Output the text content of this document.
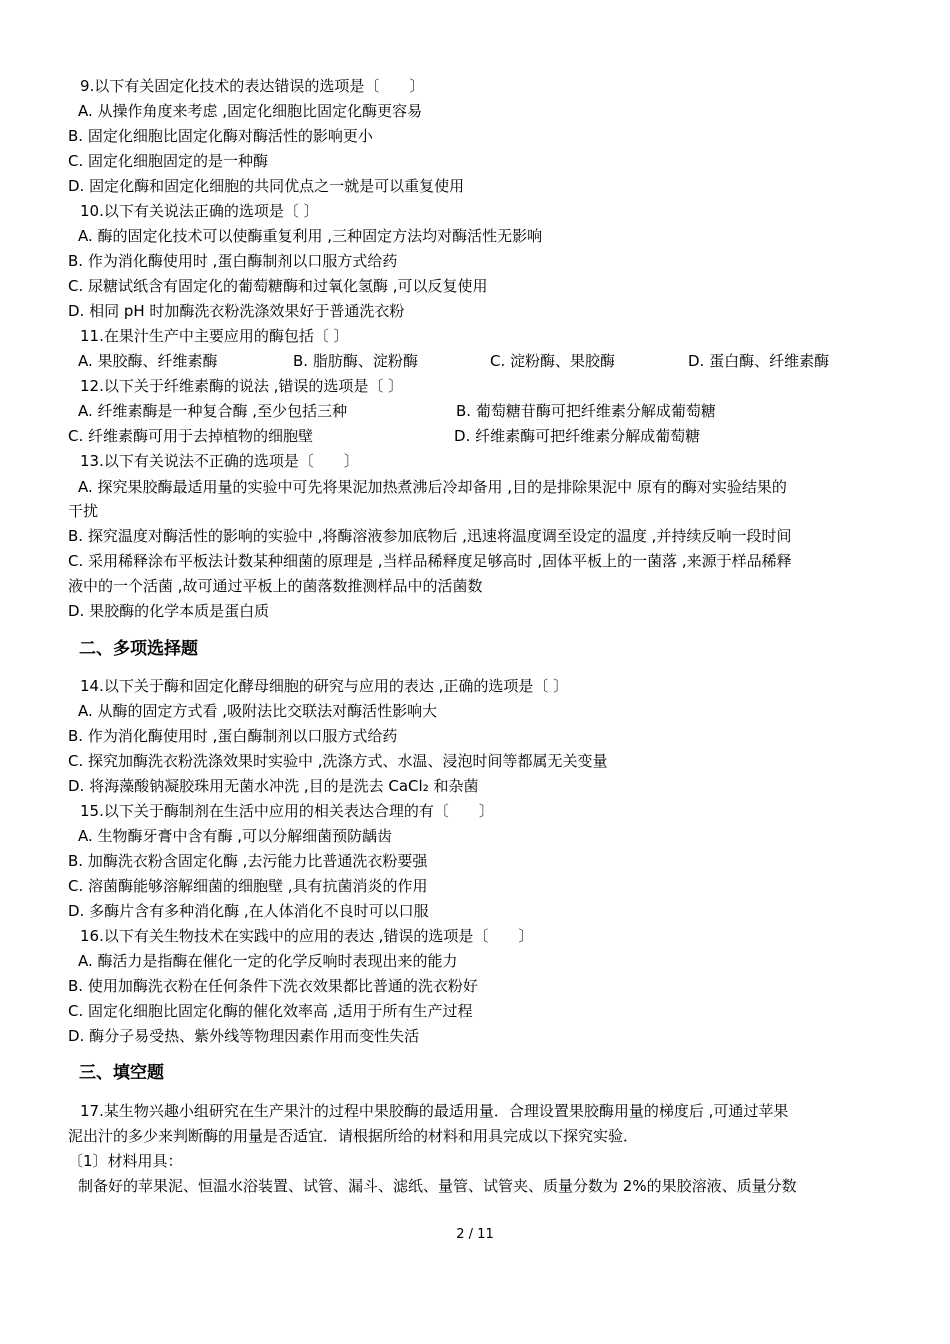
9.以下有关固定化技术的表达错误的选项是〔　　〕
A. 从操作角度来考虑 ,固定化细胞比固定化酶更容易
B. 固定化细胞比固定化酶对酶活性的影响更小
C. 固定化细胞固定的是一种酶
D. 固定化酶和固定化细胞的共同优点之一就是可以重复使用
10.以下有关说法正确的选项是〔 〕
A. 酶的固定化技术可以使酶重复利用 ,三种固定方法均对酶活性无影响
B. 作为消化酶使用时 ,蛋白酶制剂以口服方式给药
C. 尿糖试纸含有固定化的葡萄糖酶和过氧化氢酶 ,可以反复使用
D. 相同 pH 时加酶洗衣粉洗涤效果好于普通洗衣粉
11.在果汁生产中主要应用的酶包括〔 〕
A. 果胶酶、纤维素酶	B. 脂肪酶、淀粉酶	C. 淀粉酶、果胶酶	D. 蛋白酶、纤维素酶
12.以下关于纤维素酶的说法 ,错误的选项是〔 〕
A. 纤维素酶是一种复合酶 ,至少包括三种	B. 葡萄糖苷酶可把纤维素分解成葡萄糖
C. 纤维素酶可用于去掉植物的细胞壁	D. 纤维素酶可把纤维素分解成葡萄糖
13.以下有关说法不正确的选项是〔　　〕
A. 探究果胶酶最适用量的实验中可先将果泥加热煮沸后冷却备用 ,目的是排除果泥中 原有的酶对实验结果的
干扰
B. 探究温度对酶活性的影响的实验中 ,将酶溶液参加底物后 ,迅速将温度调至设定的温度 ,并持续反响一段时间
C. 采用稀释涂布平板法计数某种细菌的原理是 ,当样品稀释度足够高时 ,固体平板上的一菌落 ,来源于样品稀释
液中的一个活菌 ,故可通过平板上的菌落数推测样品中的活菌数
D. 果胶酶的化学本质是蛋白质
二、多项选择题
14.以下关于酶和固定化酵母细胞的研究与应用的表达 ,正确的选项是〔 〕
A. 从酶的固定方式看 ,吸附法比交联法对酶活性影响大
B. 作为消化酶使用时 ,蛋白酶制剂以口服方式给药
C. 探究加酶洗衣粉洗涤效果时实验中 ,洗涤方式、水温、浸泡时间等都属无关变量
D. 将海藻酸钠凝胶珠用无菌水冲洗 ,目的是洗去 CaCl₂ 和杂菌
15.以下关于酶制剂在生活中应用的相关表达合理的有〔　　〕
A. 生物酶牙膏中含有酶 ,可以分解细菌预防龋齿
B. 加酶洗衣粉含固定化酶 ,去污能力比普通洗衣粉要强
C. 溶菌酶能够溶解细菌的细胞壁 ,具有抗菌消炎的作用
D. 多酶片含有多种消化酶 ,在人体消化不良时可以口服
16.以下有关生物技术在实践中的应用的表达 ,错误的选项是〔　　〕
A. 酶活力是指酶在催化一定的化学反响时表现出来的能力
B. 使用加酶洗衣粉在任何条件下洗衣效果都比普通的洗衣粉好
C. 固定化细胞比固定化酶的催化效率高 ,适用于所有生产过程
D. 酶分子易受热、紫外线等物理因素作用而变性失活
三、填空题
17.某生物兴趣小组研究在生产果汁的过程中果胶酶的最适用量．合理设置果胶酶用量的梯度后 ,可通过苹果
泥出汁的多少来判断酶的用量是否适宜．请根据所给的材料和用具完成以下探究实验．
〔1〕材料用具：
制备好的苹果泥、恒温水浴装置、试管、漏斗、滤纸、量管、试管夹、质量分数为 2%的果胶溶液、质量分数
2 / 11
